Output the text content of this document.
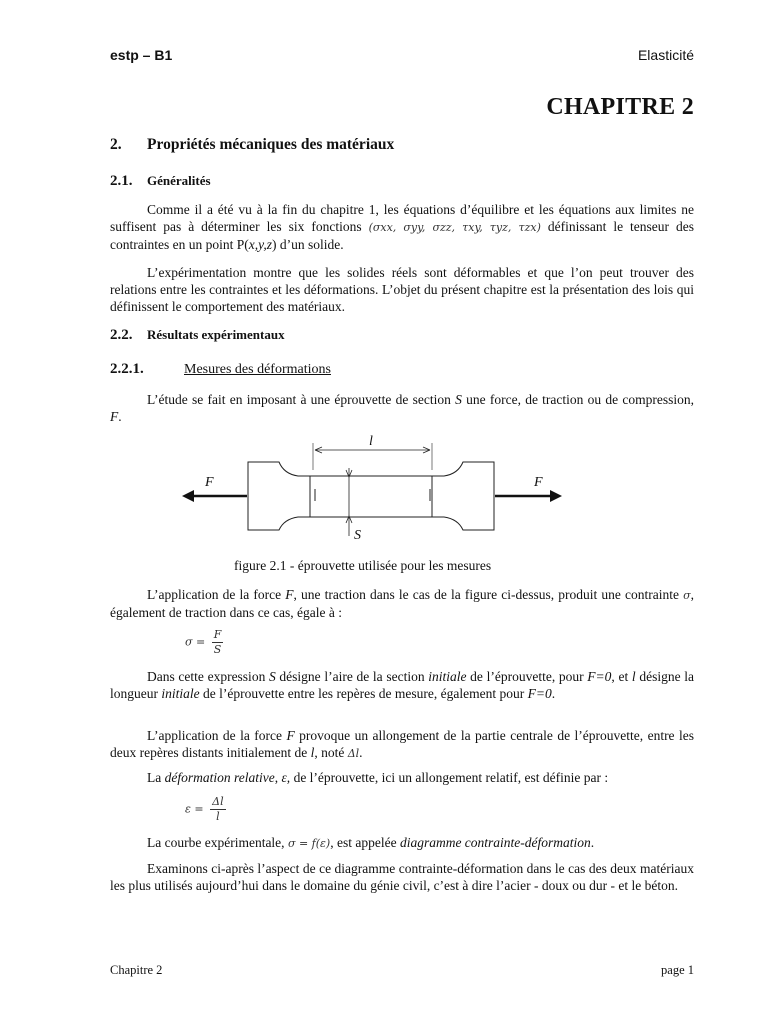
estp – B1	Elasticité
CHAPITRE 2
2. Propriétés mécaniques des matériaux
2.1. Généralités
Comme il a été vu à la fin du chapitre 1, les équations d’équilibre et les équations aux limites ne suffisent pas à déterminer les six fonctions (σxx, σyy, σzz, τxy, τyz, τzx) définissant le tenseur des contraintes en un point P(x,y,z) d’un solide.
L’expérimentation montre que les solides réels sont déformables et que l’on peut trouver des relations entre les contraintes et les déformations. L’objet du présent chapitre est la présentation des lois qui définissent le comportement des matériaux.
2.2. Résultats expérimentaux
2.2.1.	Mesures des déformations
L’étude se fait en imposant à une éprouvette de section S une force, de traction ou de compression, F.
l
F	F
S
figure 2.1 - éprouvette utilisée pour les mesures
L’application de la force F, une traction dans le cas de la figure ci-dessus, produit une contrainte σ, également de traction dans ce cas, égale à :
$\sigma = \frac{F}{S}$
Dans cette expression S désigne l’aire de la section initiale de l’éprouvette, pour F=0, et l désigne la longueur initiale de l’éprouvette entre les repères de mesure, également pour F=0.
L’application de la force F provoque un allongement de la partie centrale de l’éprouvette, entre les deux repères distants initialement de l, noté Δl.
La déformation relative, ε, de l’éprouvette, ici un allongement relatif, est définie par :
$\varepsilon = \frac{\Delta l}{l}$
La courbe expérimentale, σ = f(ε), est appelée diagramme contrainte-déformation.
Examinons ci-après l’aspect de ce diagramme contrainte-déformation dans le cas des deux matériaux les plus utilisés aujourd’hui dans le domaine du génie civil, c’est à dire l’acier - doux ou dur - et le béton.
Chapitre 2	page 1
